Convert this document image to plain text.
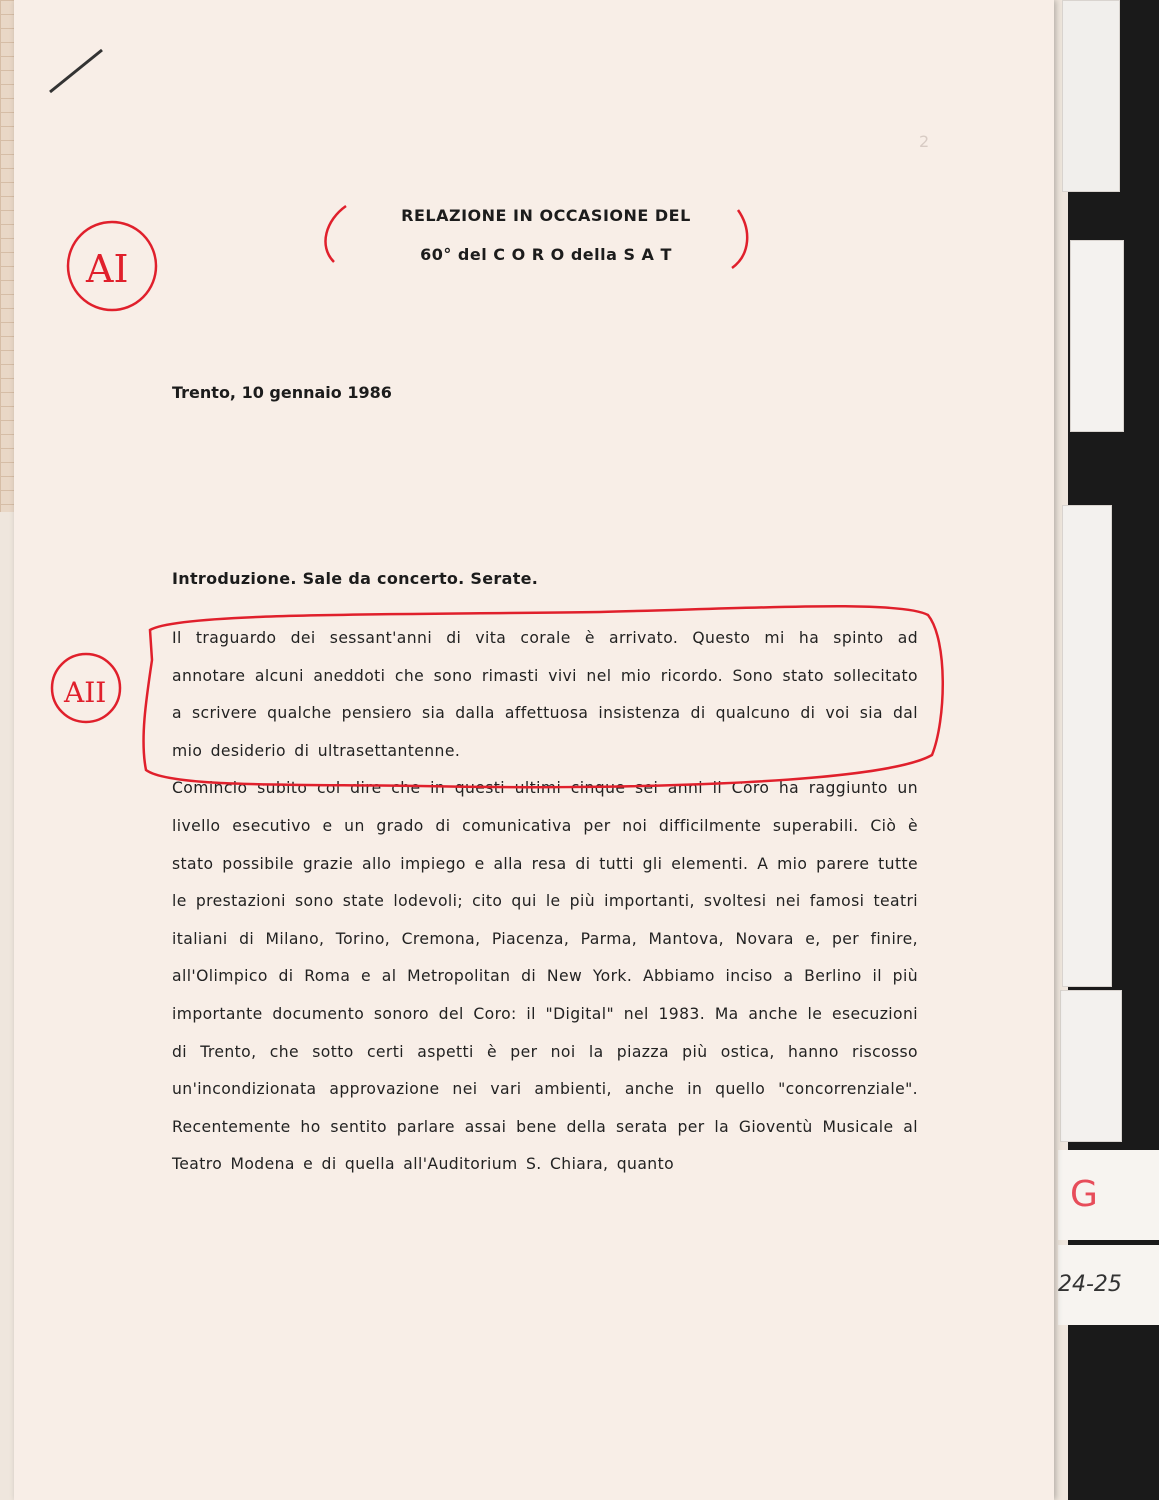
G
24-25
2
RELAZIONE IN OCCASIONE DEL
60° del C O R O della S A T
Trento, 10 gennaio 1986
Introduzione. Sale da concerto. Serate.

Il traguardo dei sessant'anni di vita corale è arrivato. Questo mi ha spinto ad annotare alcuni aneddoti che sono rimasti vivi nel mio ricordo. Sono stato sollecitato a scrivere qualche pensiero sia dalla affettuosa insistenza di qualcuno di voi sia dal mio desiderio di ultrasettantenne.

Comincio subito col dire che in questi ultimi cinque sei anni il Coro ha raggiunto un livello esecutivo e un grado di comunicativa per noi difficilmente superabili. Ciò è stato possibile grazie allo impiego e alla resa di tutti gli elementi. A mio parere tutte le prestazioni sono state lodevoli; cito qui le più importanti, svoltesi nei famosi teatri italiani di Milano, Torino, Cremona, Piacenza, Parma, Mantova, Novara e, per finire, all'Olimpico di Roma e al Metropolitan di New York. Abbiamo inciso a Berlino il più importante documento sonoro del Coro: il "Digital" nel 1983. Ma anche le esecuzioni di Trento, che sotto certi aspetti è per noi la piazza più ostica, hanno riscosso un'incondizionata approvazione nei vari ambienti, anche in quello "concorrenziale". Recentemente ho sentito parlare assai bene della serata per la Gioventù Musicale al Teatro Modena e di quella all'Auditorium S. Chiara, quanto

AI
AII
